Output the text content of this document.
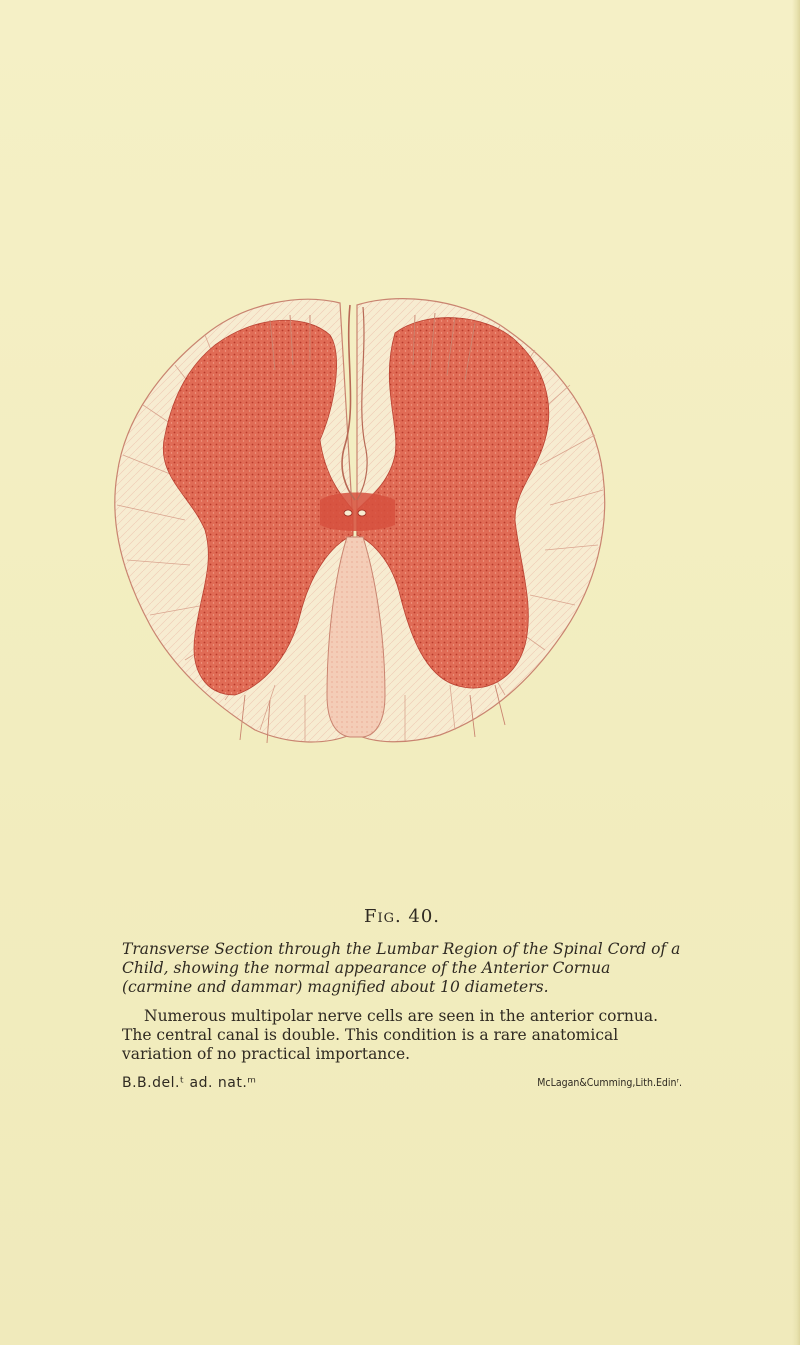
Fig. 40.

Transverse Section through the Lumbar Region of the Spinal Cord of a Child, showing the normal appearance of the Anterior Cornua (carmine and dammar) magnified about 10 diameters.

Numerous multipolar nerve cells are seen in the anterior cornua. The central canal is double. This condition is a rare anatomical variation of no practical importance.

B.B.del.ᵗ ad. nat.ᵐ	McLagan&Cumming,Lith.Edinʳ.
